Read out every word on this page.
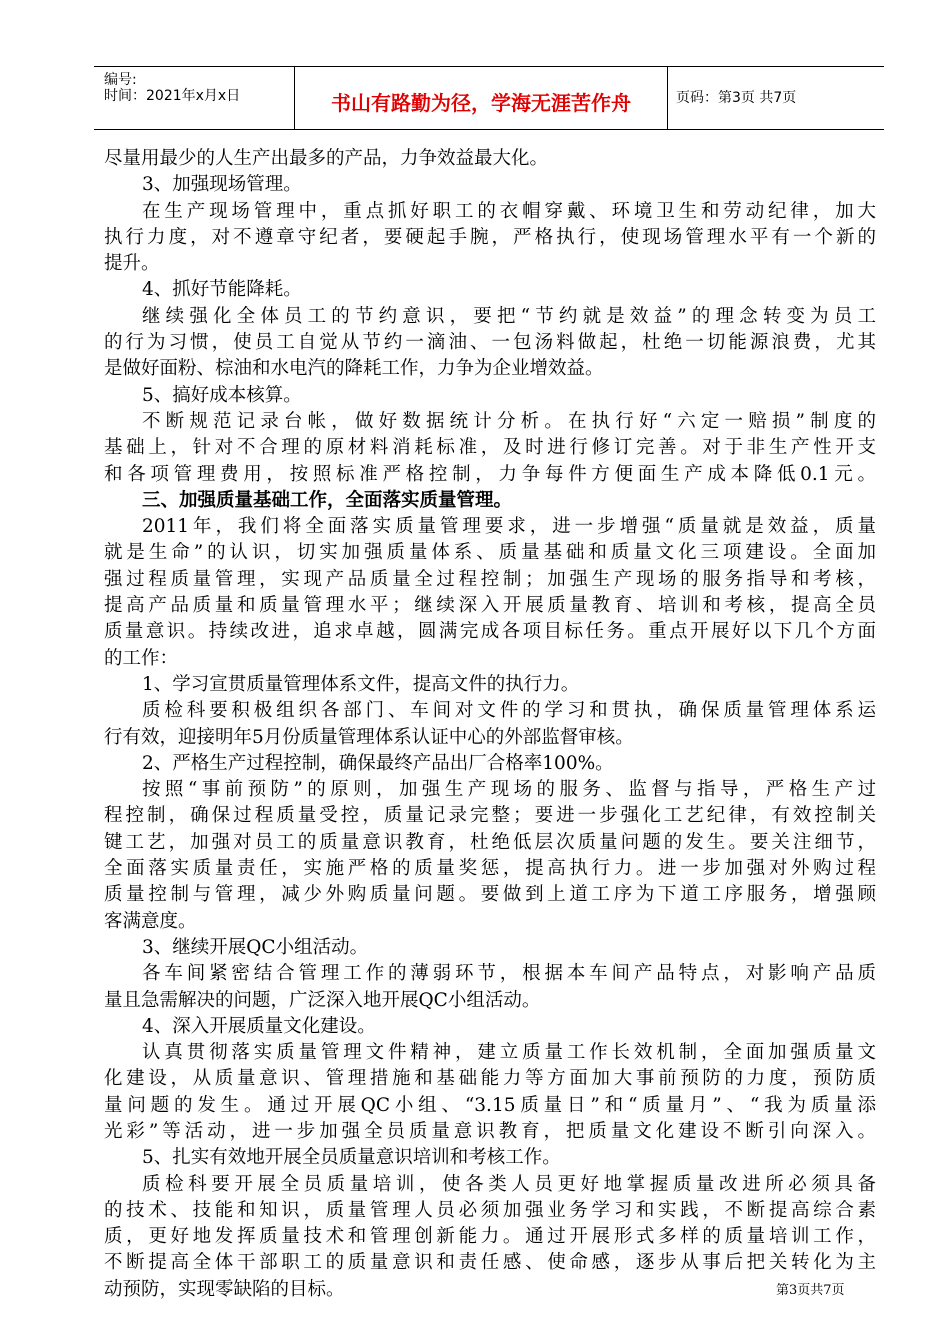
编号:
时间：2021年x月x日	书山有路勤为径，学海无涯苦作舟	页码：第3页 共7页
尽量用最少的人生产出最多的产品，力争效益最大化。
3、加强现场管理。
在生产现场管理中，重点抓好职工的衣帽穿戴、环境卫生和劳动纪律，加大
执行力度，对不遵章守纪者，要硬起手腕，严格执行，使现场管理水平有一个新的
提升。
4、抓好节能降耗。
继续强化全体员工的节约意识，要把“节约就是效益”的理念转变为员工
的行为习惯，使员工自觉从节约一滴油、一包汤料做起，杜绝一切能源浪费，尤其
是做好面粉、棕油和水电汽的降耗工作，力争为企业增效益。
5、搞好成本核算。
不断规范记录台帐，做好数据统计分析。在执行好“六定一赔损”制度的
基础上，针对不合理的原材料消耗标准，及时进行修订完善。对于非生产性开支
和各项管理费用，按照标准严格控制，力争每件方便面生产成本降低0.1元。
三、加强质量基础工作，全面落实质量管理。
2011年，我们将全面落实质量管理要求，进一步增强“质量就是效益，质量
就是生命”的认识，切实加强质量体系、质量基础和质量文化三项建设。全面加
强过程质量管理，实现产品质量全过程控制；加强生产现场的服务指导和考核，
提高产品质量和质量管理水平；继续深入开展质量教育、培训和考核，提高全员
质量意识。持续改进，追求卓越，圆满完成各项目标任务。重点开展好以下几个方面
的工作：
1、学习宣贯质量管理体系文件，提高文件的执行力。
质检科要积极组织各部门、车间对文件的学习和贯执，确保质量管理体系运
行有效，迎接明年5月份质量管理体系认证中心的外部监督审核。
2、严格生产过程控制，确保最终产品出厂合格率100%。
按照“事前预防”的原则，加强生产现场的服务、监督与指导，严格生产过
程控制，确保过程质量受控，质量记录完整；要进一步强化工艺纪律，有效控制关
键工艺，加强对员工的质量意识教育，杜绝低层次质量问题的发生。要关注细节，
全面落实质量责任，实施严格的质量奖惩，提高执行力。进一步加强对外购过程
质量控制与管理，减少外购质量问题。要做到上道工序为下道工序服务，增强顾
客满意度。
3、继续开展QC小组活动。
各车间紧密结合管理工作的薄弱环节，根据本车间产品特点，对影响产品质
量且急需解决的问题，广泛深入地开展QC小组活动。
4、深入开展质量文化建设。
认真贯彻落实质量管理文件精神，建立质量工作长效机制，全面加强质量文
化建设，从质量意识、管理措施和基础能力等方面加大事前预防的力度，预防质
量问题的发生。通过开展QC小组、“3.15质量日”和“质量月”、“我为质量添
光彩”等活动，进一步加强全员质量意识教育，把质量文化建设不断引向深入。
5、扎实有效地开展全员质量意识培训和考核工作。
质检科要开展全员质量培训，使各类人员更好地掌握质量改进所必须具备
的技术、技能和知识，质量管理人员必须加强业务学习和实践，不断提高综合素
质，更好地发挥质量技术和管理创新能力。通过开展形式多样的质量培训工作，
不断提高全体干部职工的质量意识和责任感、使命感，逐步从事后把关转化为主
动预防，实现零缺陷的目标。	第3页共7页
